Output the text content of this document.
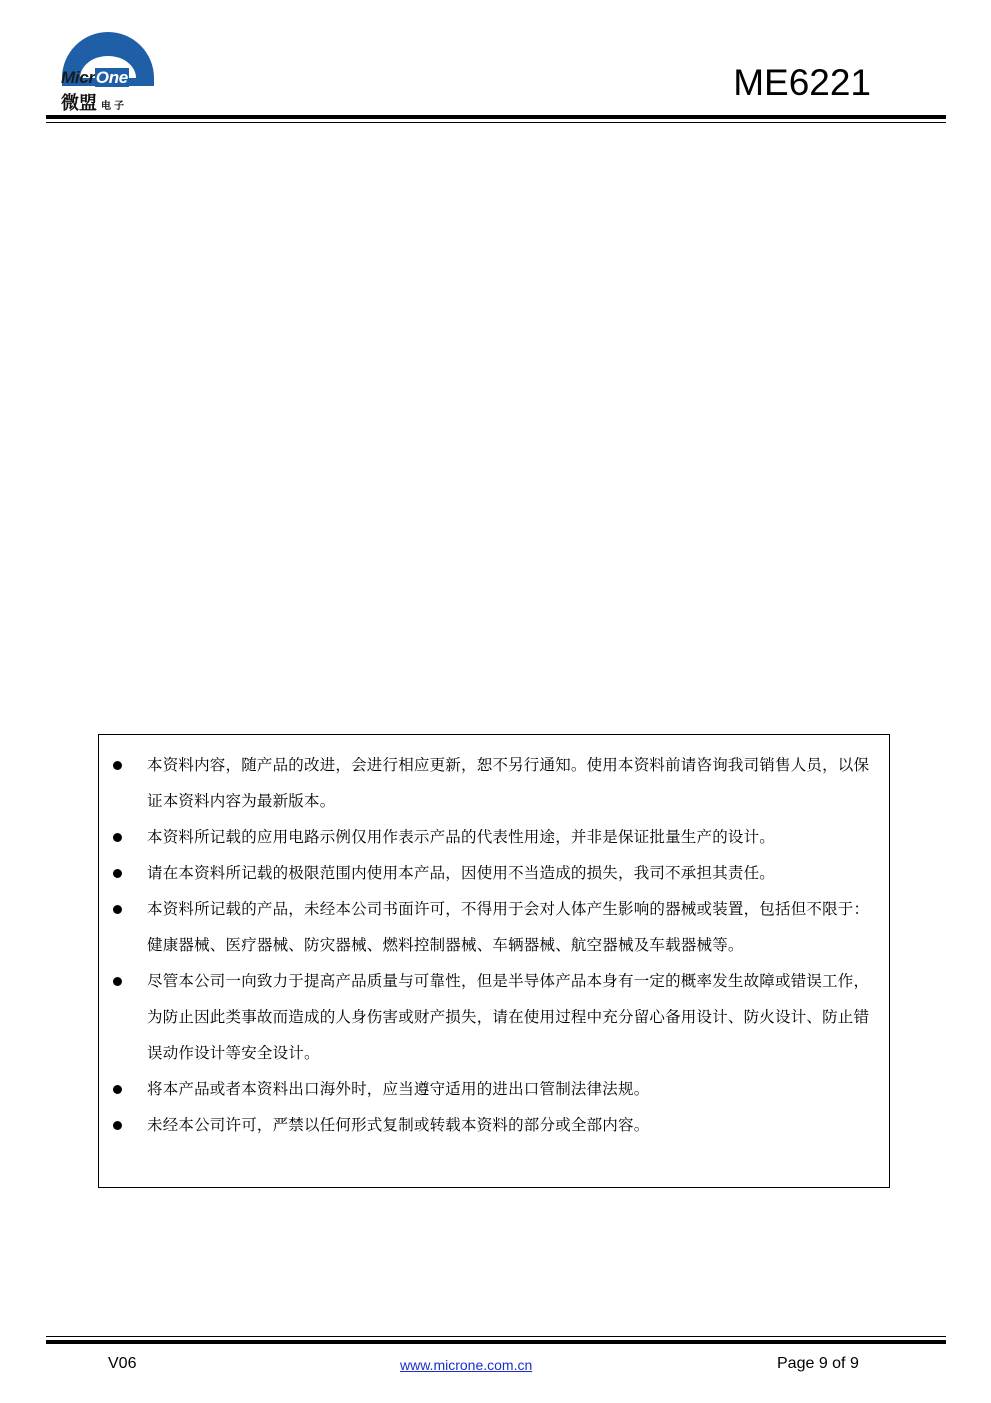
MicrOne
微盟 电子
ME6221
本资料内容，随产品的改进，会进行相应更新，恕不另行通知。使用本资料前请咨询我司销售人员，以保证本资料内容为最新版本。
本资料所记载的应用电路示例仅用作表示产品的代表性用途，并非是保证批量生产的设计。
请在本资料所记载的极限范围内使用本产品，因使用不当造成的损失，我司不承担其责任。
本资料所记载的产品，未经本公司书面许可，不得用于会对人体产生影响的器械或装置，包括但不限于：健康器械、医疗器械、防灾器械、燃料控制器械、车辆器械、航空器械及车载器械等。
尽管本公司一向致力于提高产品质量与可靠性，但是半导体产品本身有一定的概率发生故障或错误工作，为防止因此类事故而造成的人身伤害或财产损失，请在使用过程中充分留心备用设计、防火设计、防止错误动作设计等安全设计。
将本产品或者本资料出口海外时，应当遵守适用的进出口管制法律法规。
未经本公司许可，严禁以任何形式复制或转载本资料的部分或全部内容。
V06	www.microne.com.cn	Page 9 of 9
